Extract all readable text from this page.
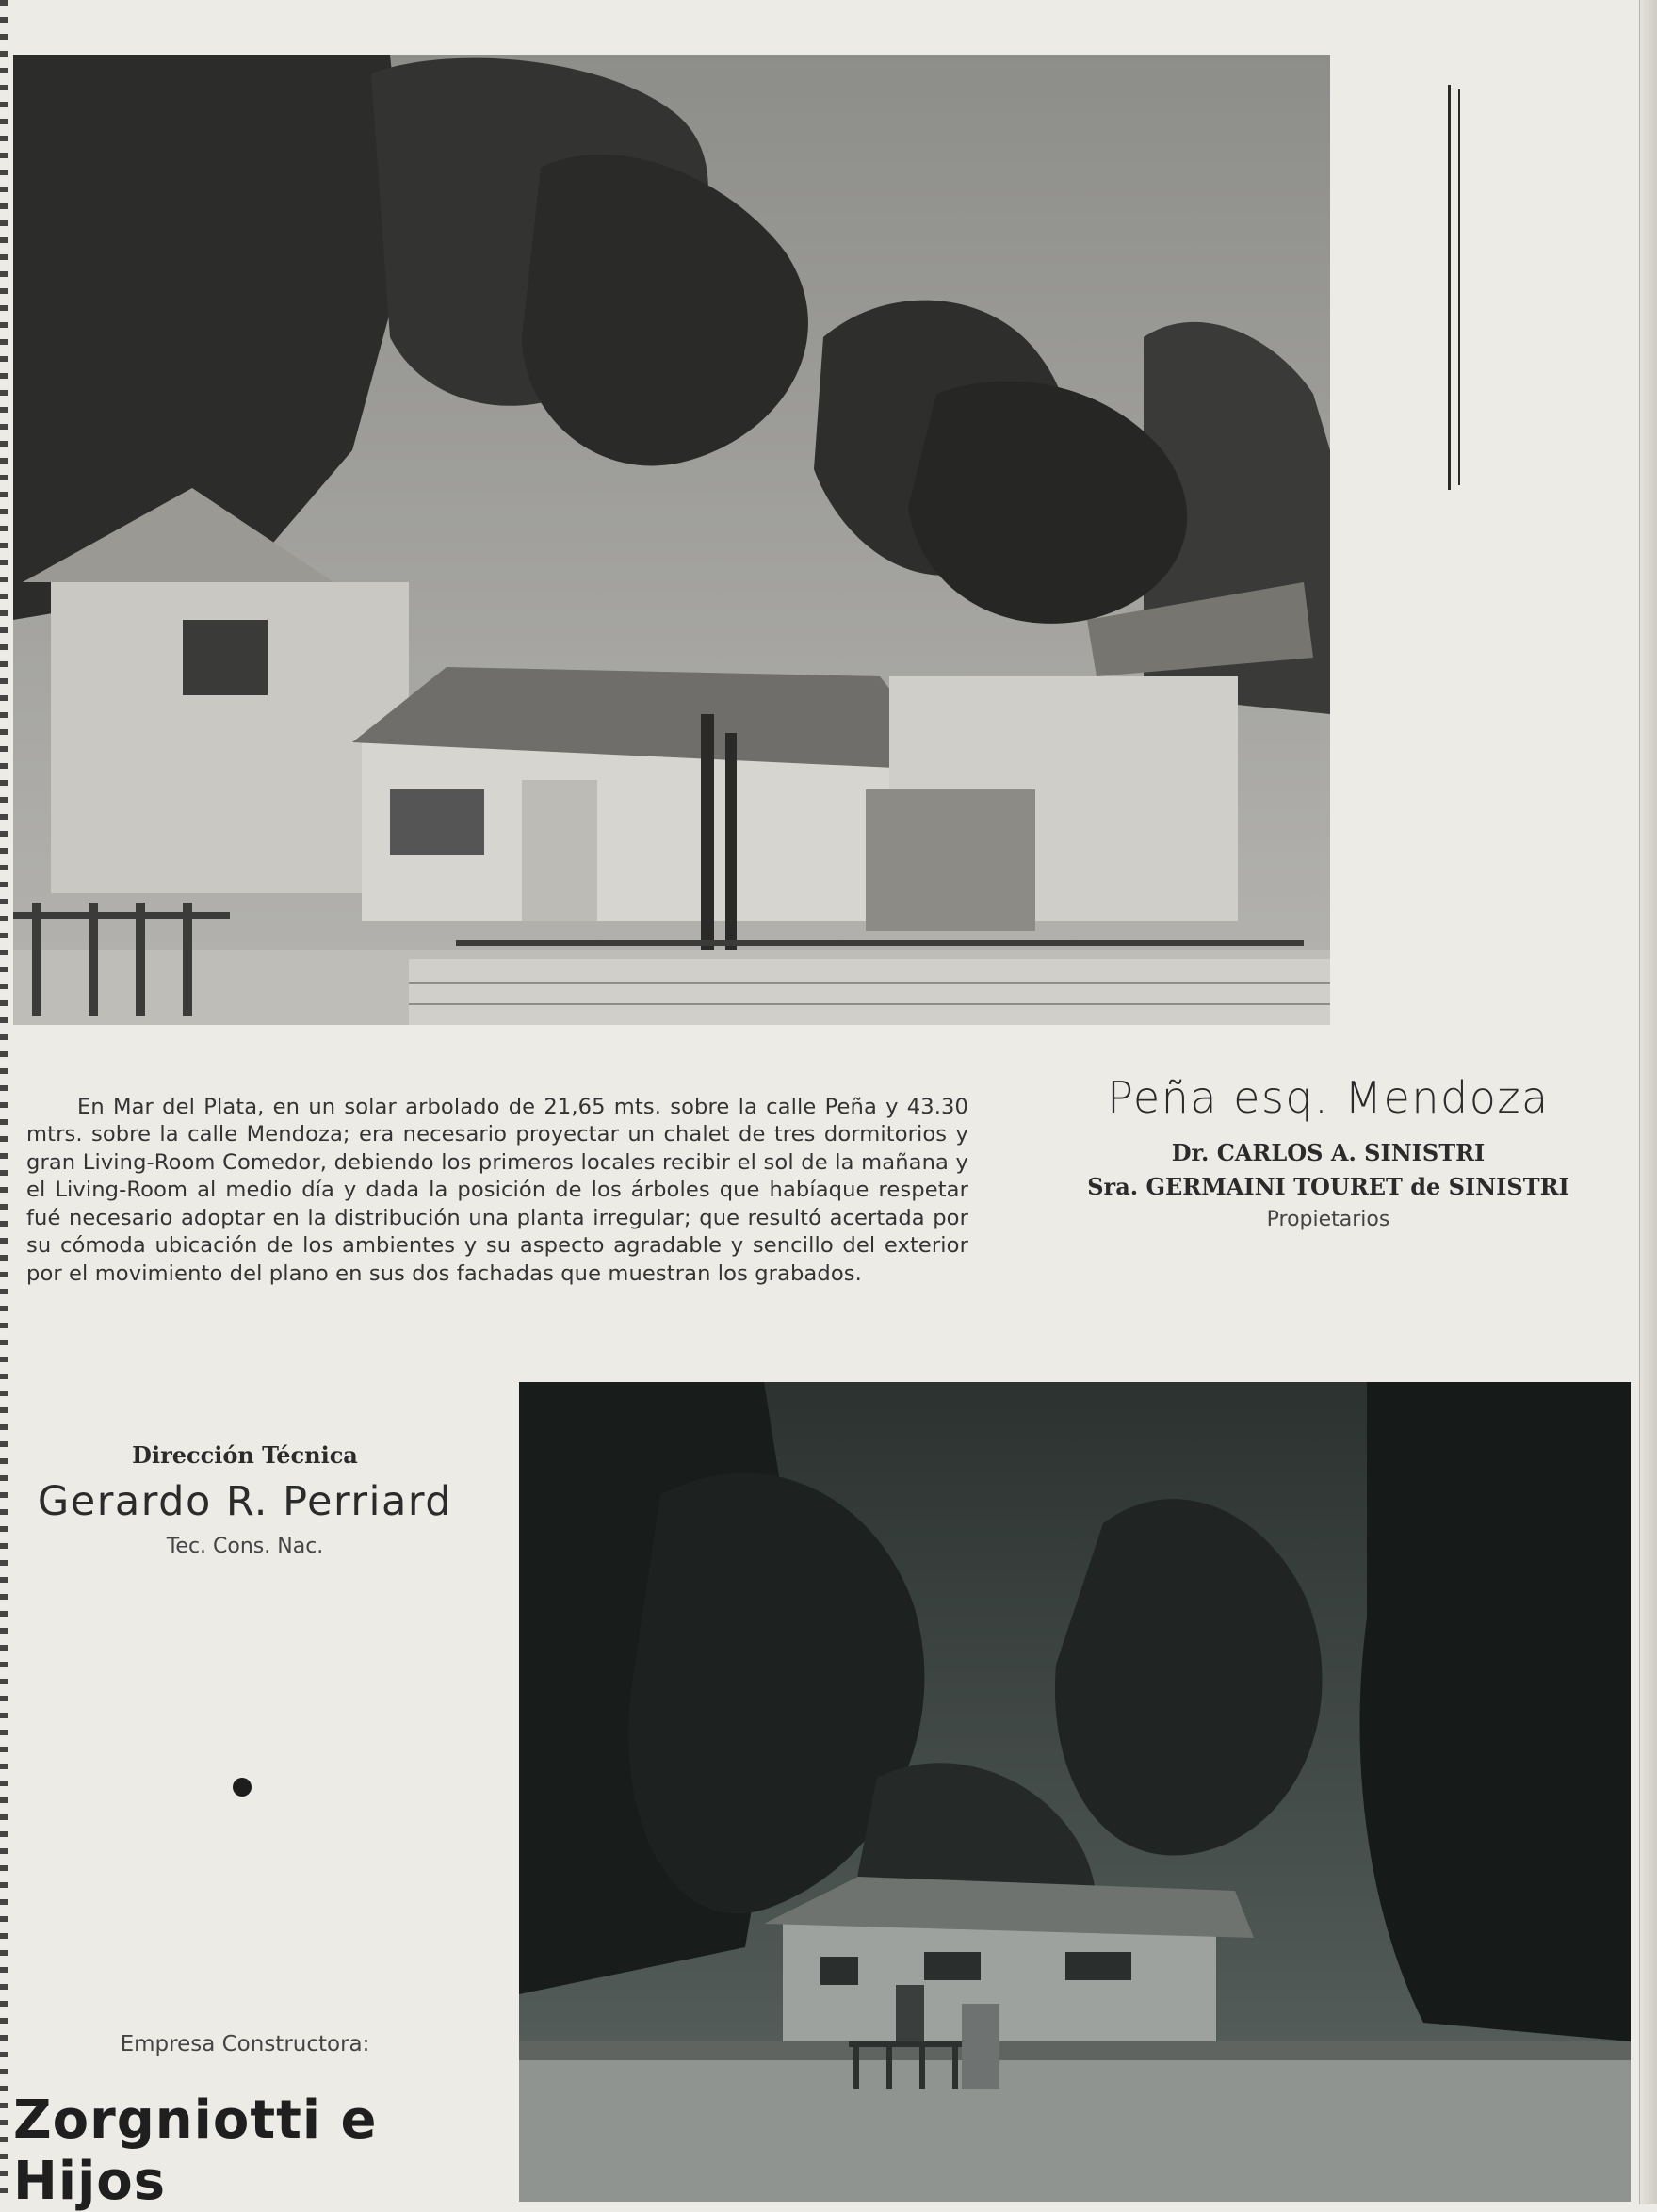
En Mar del Plata, en un solar arbolado de 21,65 mts. sobre la calle Peña y 43.30 mtrs. sobre la calle Mendoza; era necesario proyectar un chalet de tres dormitorios y gran Living-Room Comedor, debiendo los primeros locales recibir el sol de la mañana y el Living-Room al medio día y dada la posición de los árboles que habíaque respetar fué necesario adoptar en la distribución una planta irregular; que resultó acertada por su cómoda ubicación de los ambientes y su aspecto agradable y sencillo del exterior por el movimiento del plano en sus dos fachadas que muestran los grabados.

Peña esq. Mendoza

Dr. CARLOS A. SINISTRI

Sra. GERMAINI TOURET de SINISTRI

Propietarios

Dirección Técnica

Gerardo R. Perriard

Tec. Cons. Nac.
Empresa Constructora:
Zorgniotti e Hijos
